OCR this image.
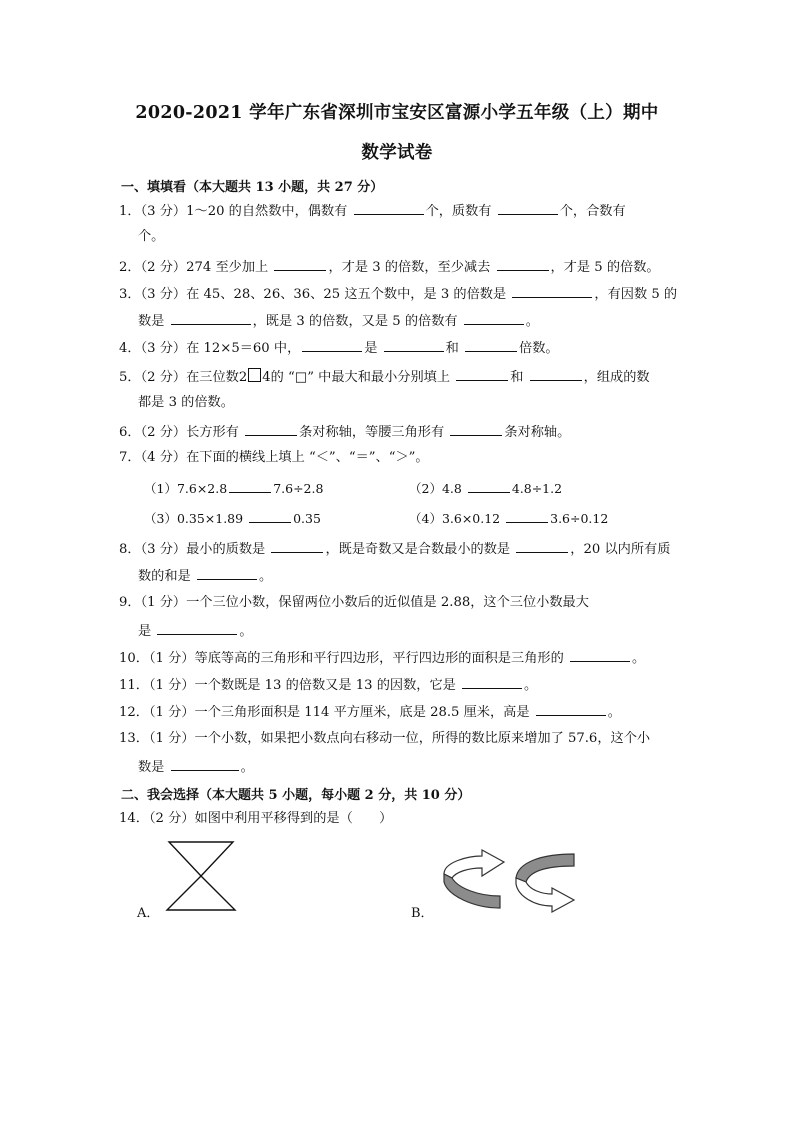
2020-2021 学年广东省深圳市宝安区富源小学五年级（上）期中
数学试卷
一、填填看（本大题共 13 小题，共 27 分）
1．（3 分）1～20 的自然数中，偶数有	个，质数有	个，合数有
个。
2．（2 分）274 至少加上	，才是 3 的倍数，至少减去	，才是 5 的倍数。
3．（3 分）在 45、28、26、36、25 这五个数中，是 3 的倍数是	，有因数 5 的
数是	，既是 3 的倍数，又是 5 的倍数有	。
4．（3 分）在 12×5＝60 中，	是	和	倍数。
5．（2 分）在三位数2 4的 “□” 中最大和最小分别填上	和	，组成的数
都是 3 的倍数。
6．（2 分）长方形有	条对称轴，等腰三角形有	条对称轴。
7．（4 分）在下面的横线上填上 “＜”、“＝”、“＞”。
（1）7.6×2.8	7.6÷2.8	（2）4.8	4.8÷1.2
（3）0.35×1.89	0.35	（4）3.6×0.12	3.6÷0.12
8．（3 分）最小的质数是	，既是奇数又是合数最小的数是	，20 以内所有质
数的和是	。
9．（1 分）一个三位小数，保留两位小数后的近似值是 2.88，这个三位小数最大
是	。
10．（1 分）等底等高的三角形和平行四边形，平行四边形的面积是三角形的	。
11．（1 分）一个数既是 13 的倍数又是 13 的因数，它是	。
12．（1 分）一个三角形面积是 114 平方厘米，底是 28.5 厘米，高是	。
13．（1 分）一个小数，如果把小数点向右移动一位，所得的数比原来增加了 57.6，这个小
数是	。
二、我会选择（本大题共 5 小题，每小题 2 分，共 10 分）
14．（2 分）如图中利用平移得到的是（　　）
A．	B．
